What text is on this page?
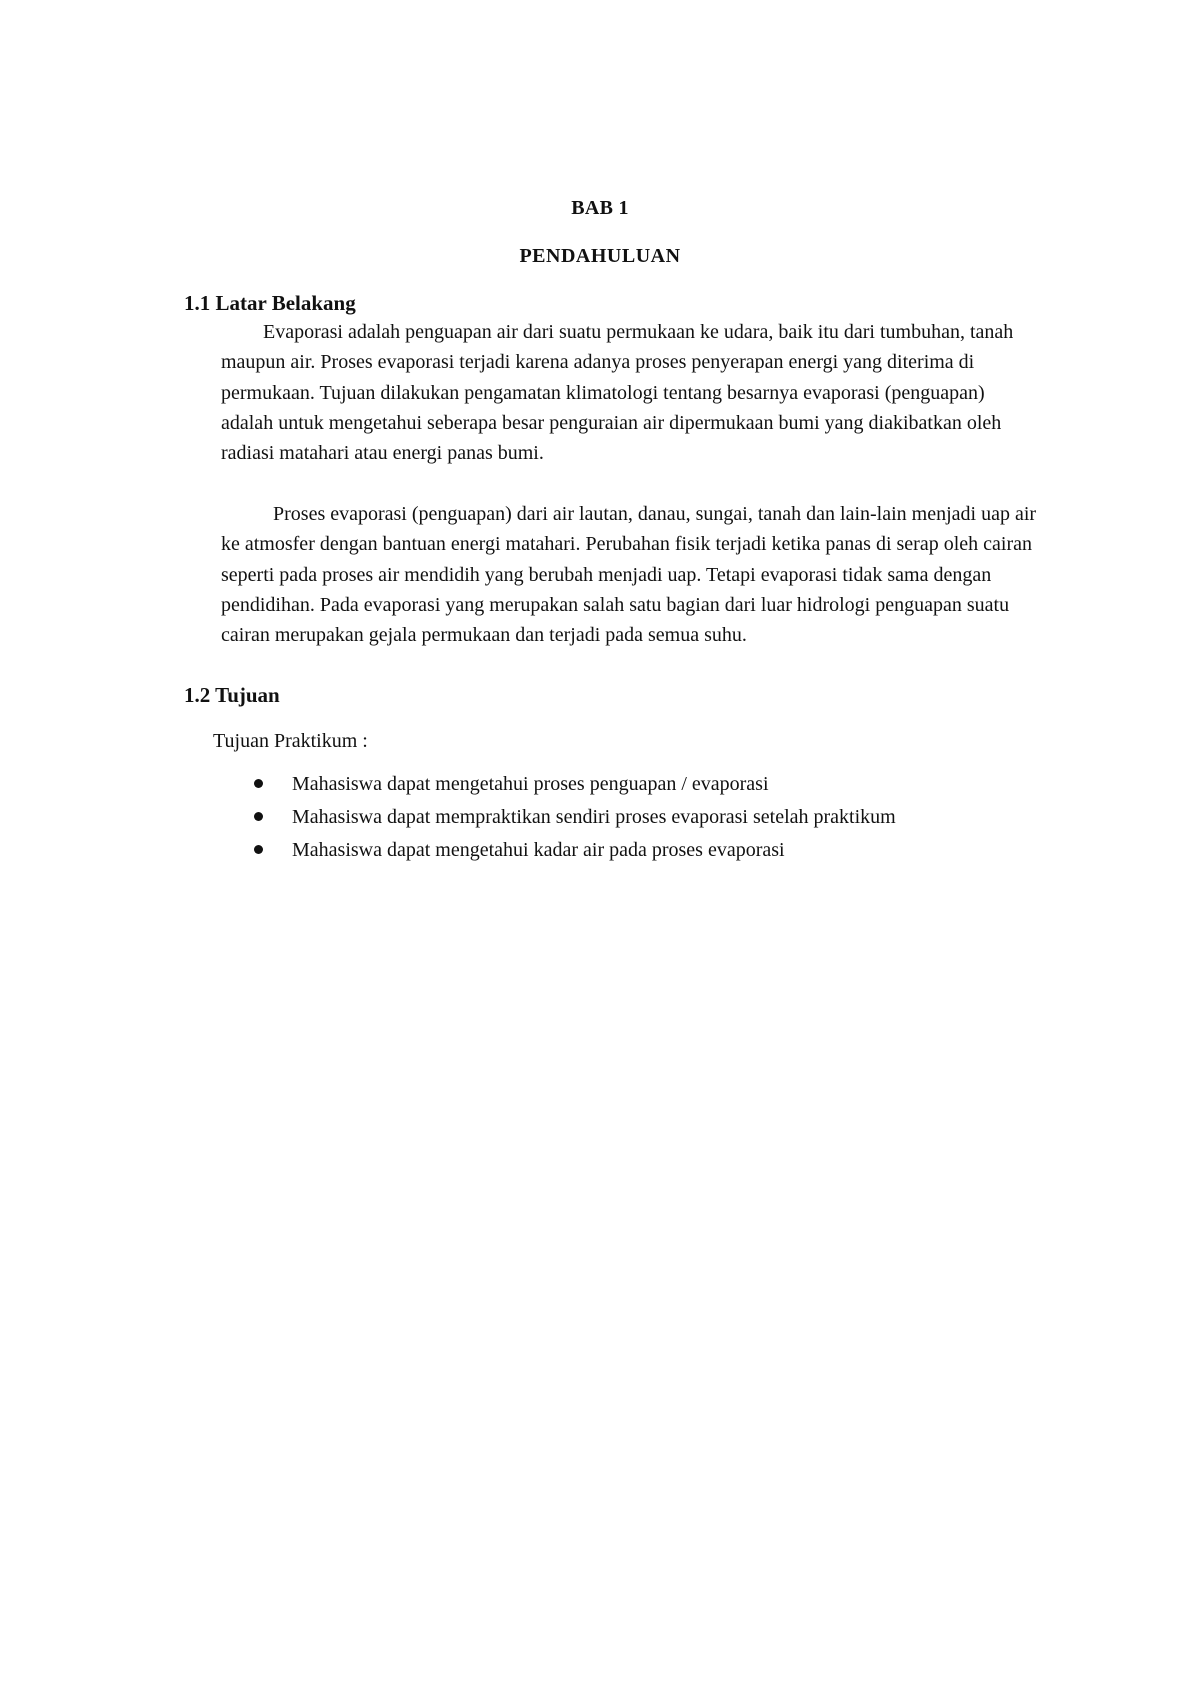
BAB 1
PENDAHULUAN
1.1 Latar Belakang
Evaporasi adalah penguapan air dari suatu permukaan ke udara, baik itu dari tumbuhan, tanah maupun air. Proses evaporasi terjadi karena adanya proses penyerapan energi yang diterima di permukaan. Tujuan dilakukan pengamatan klimatologi tentang besarnya evaporasi (penguapan) adalah untuk mengetahui seberapa besar penguraian air dipermukaan bumi yang diakibatkan oleh radiasi matahari atau energi panas bumi.
Proses evaporasi (penguapan) dari air lautan, danau, sungai, tanah dan lain-lain menjadi uap air ke atmosfer dengan bantuan energi matahari. Perubahan fisik terjadi ketika panas di serap oleh cairan seperti pada proses air mendidih yang berubah menjadi uap. Tetapi evaporasi tidak sama dengan pendidihan. Pada evaporasi yang merupakan salah satu bagian dari luar hidrologi penguapan suatu cairan merupakan gejala permukaan dan terjadi pada semua suhu.
1.2 Tujuan
Tujuan Praktikum :
Mahasiswa dapat mengetahui proses penguapan / evaporasi
Mahasiswa dapat mempraktikan sendiri proses evaporasi setelah praktikum
Mahasiswa dapat mengetahui kadar air pada proses evaporasi
